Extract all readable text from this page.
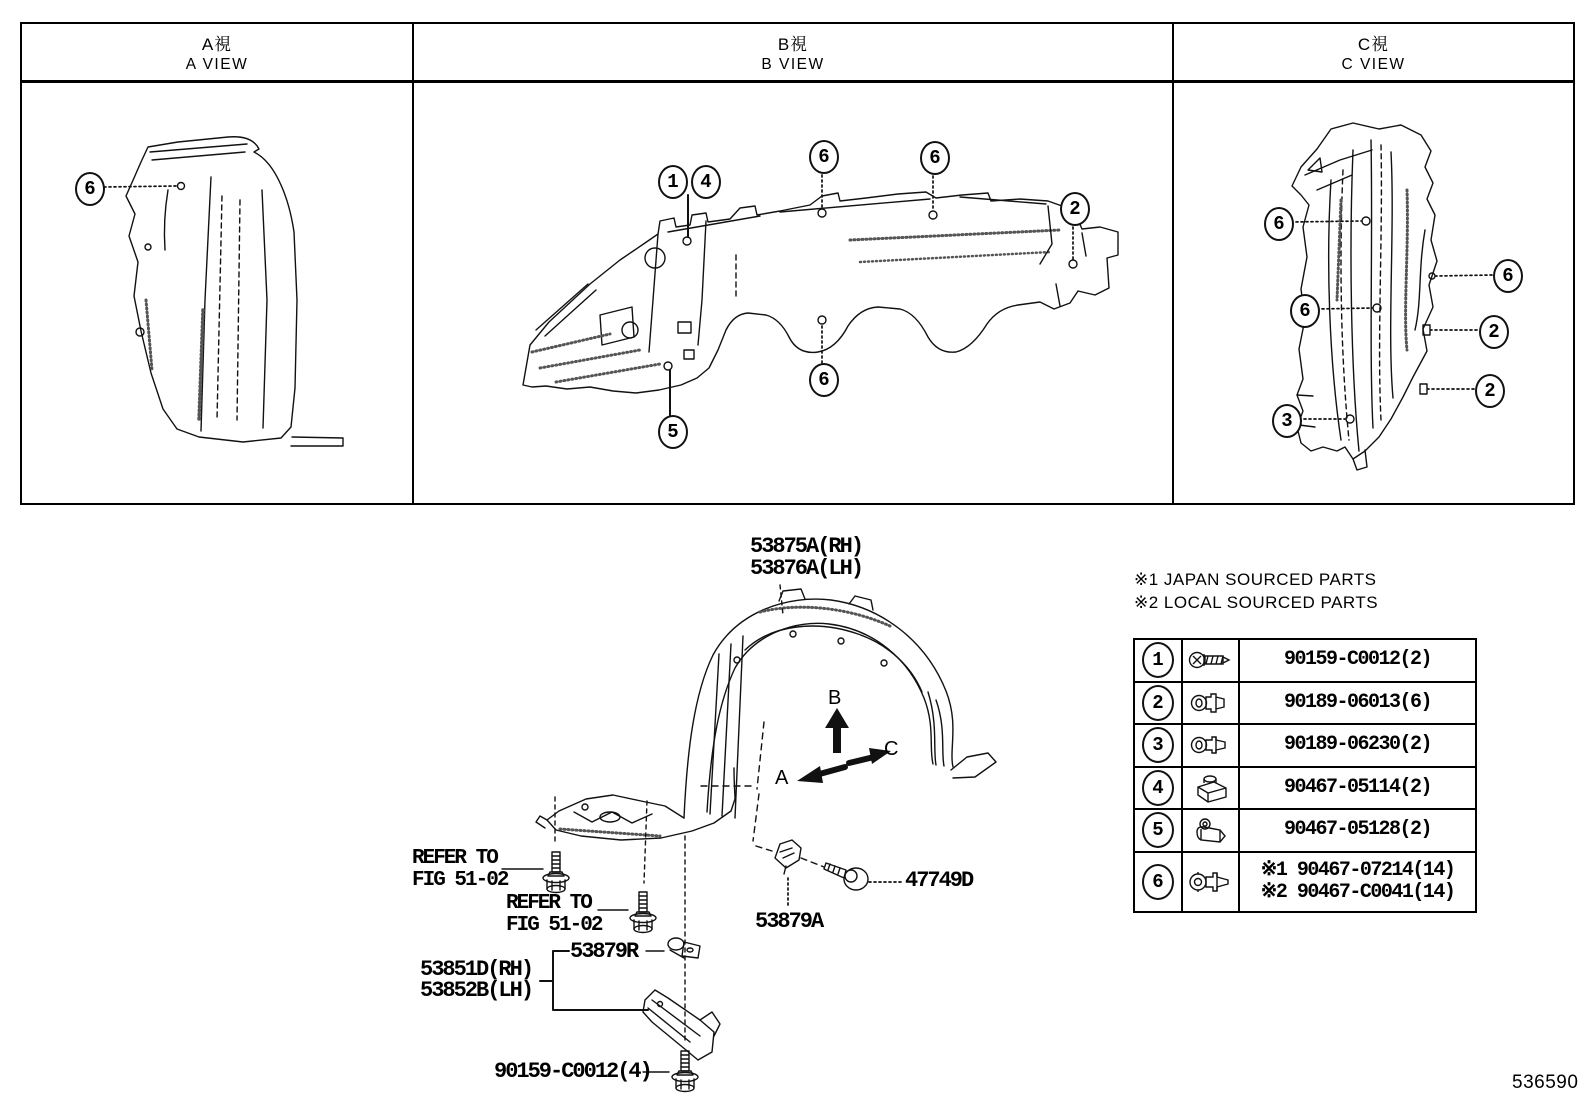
A視
A VIEW
B視
B VIEW
C視
C VIEW
6	1 4
6	6
2
6
5
6
6
6
2
2
3
53875A(RH)
53876A(LH)
REFER TO
FIG 51-02
REFER TO
FIG 51-02
53879R
53851D(RH)
53852B(LH)
90159-C0012(4)
53879A
47749D
A
B
C
※1 JAPAN SOURCED PARTS
※2 LOCAL SOURCED PARTS
1	90159-C0012(2)
2	90189-06013(6)
3	90189-06230(2)
4	90467-05114(2)
5	90467-05128(2)
6	※1 90467-07214(14)
※2 90467-C0041(14)
536590
